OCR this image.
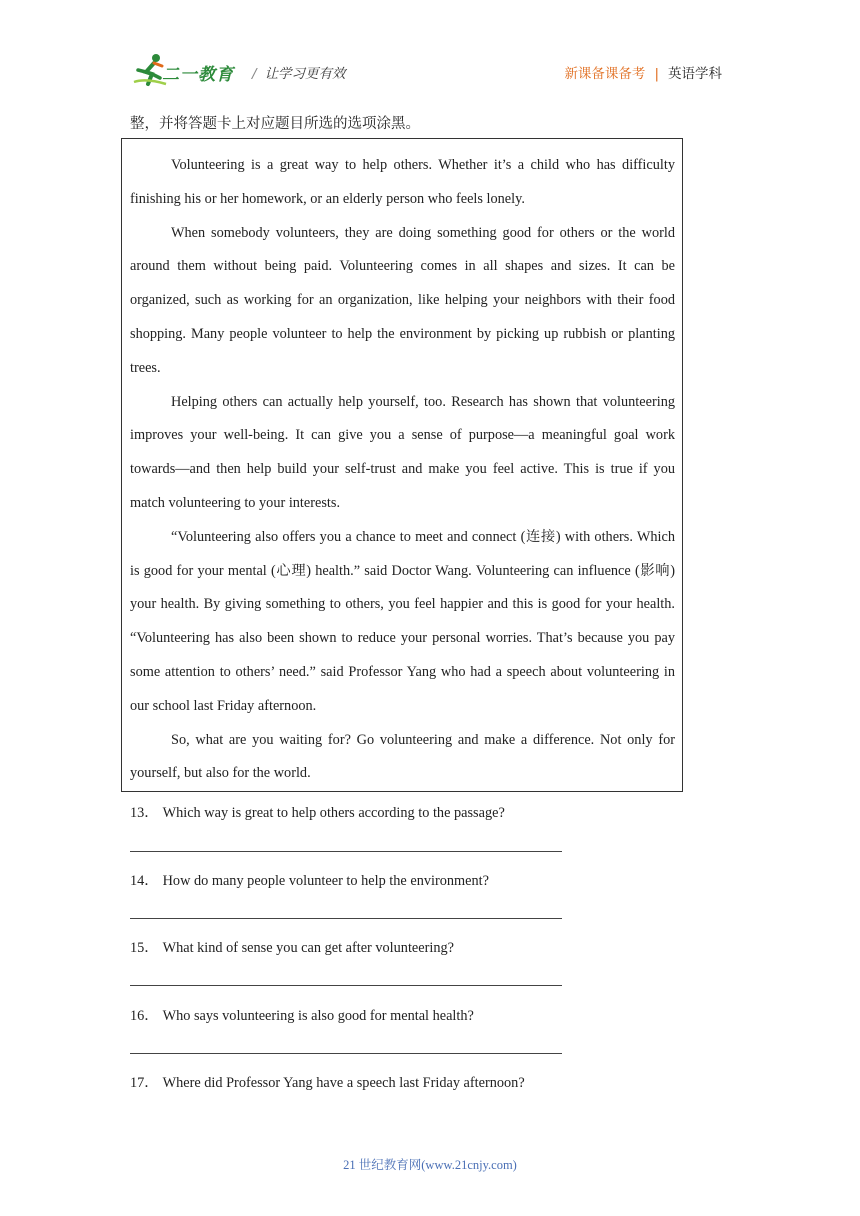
二一教育 / 让学习更有效	新课备课备考 | 英语学科
整，并将答题卡上对应题目所选的选项涂黑。

Volunteering is a great way to help others. Whether it’s a child who has difficulty finishing his or her homework, or an elderly person who feels lonely.

When somebody volunteers, they are doing something good for others or the world around them without being paid. Volunteering comes in all shapes and sizes. It can be organized, such as working for an organization, like helping your neighbors with their food shopping. Many people volunteer to help the environment by picking up rubbish or planting trees.

Helping others can actually help yourself, too. Research has shown that volunteering improves your well-being. It can give you a sense of purpose—a meaningful goal work towards—and then help build your self-trust and make you feel active. This is true if you match volunteering to your interests.

“Volunteering also offers you a chance to meet and connect (连接) with others. Which is good for your mental (心理) health.” said Doctor Wang. Volunteering can influence (影响) your health. By giving something to others, you feel happier and this is good for your health. “Volunteering has also been shown to reduce your personal worries. That’s because you pay some attention to others’ need.” said Professor Yang who had a speech about volunteering in our school last Friday afternoon.

So, what are you waiting for? Go volunteering and make a difference. Not only for yourself, but also for the world.

13． Which way is great to help others according to the passage?
14． How do many people volunteer to help the environment?
15． What kind of sense you can get after volunteering?
16． Who says volunteering is also good for mental health?
17． Where did Professor Yang have a speech last Friday afternoon?
21 世纪教育网(www.21cnjy.com)
